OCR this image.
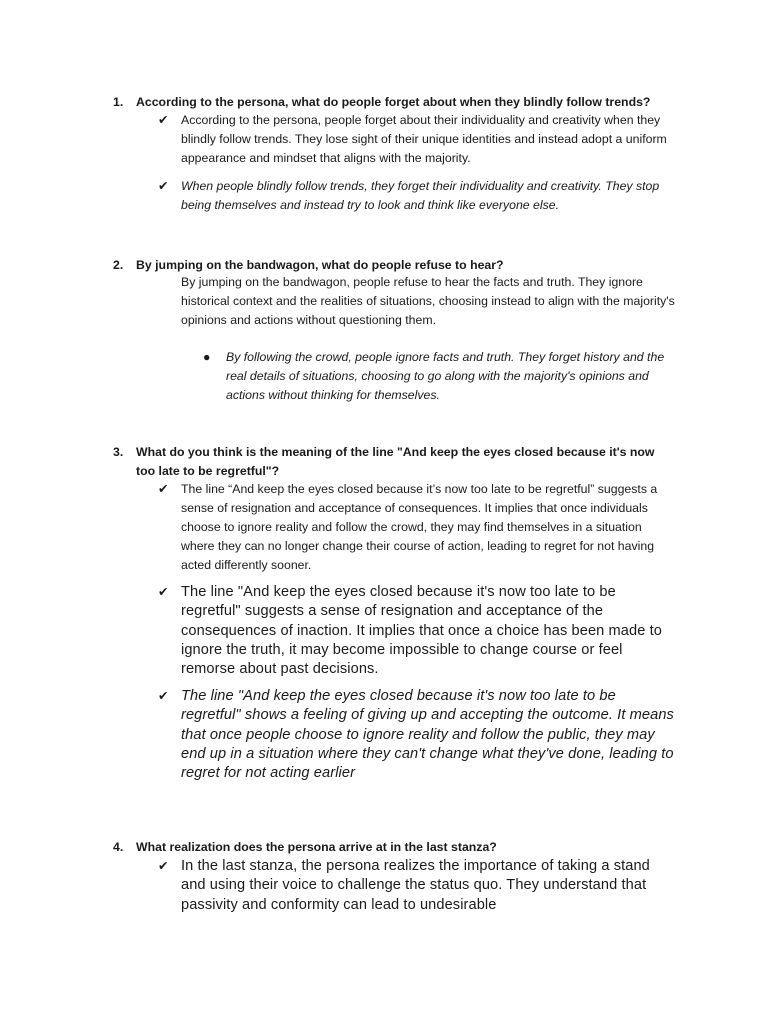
1. According to the persona, what do people forget about when they blindly follow trends?
✔ According to the persona, people forget about their individuality and creativity when they blindly follow trends. They lose sight of their unique identities and instead adopt a uniform appearance and mindset that aligns with the majority.
✔ When people blindly follow trends, they forget their individuality and creativity. They stop being themselves and instead try to look and think like everyone else.
2. By jumping on the bandwagon, what do people refuse to hear?
By jumping on the bandwagon, people refuse to hear the facts and truth. They ignore historical context and the realities of situations, choosing instead to align with the majority's opinions and actions without questioning them.
● By following the crowd, people ignore facts and truth. They forget history and the real details of situations, choosing to go along with the majority's opinions and actions without thinking for themselves.
3. What do you think is the meaning of the line "And keep the eyes closed because it's now too late to be regretful"?
✔ The line “And keep the eyes closed because it’s now too late to be regretful” suggests a sense of resignation and acceptance of consequences. It implies that once individuals choose to ignore reality and follow the crowd, they may find themselves in a situation where they can no longer change their course of action, leading to regret for not having acted differently sooner.
✔ The line "And keep the eyes closed because it's now too late to be regretful" suggests a sense of resignation and acceptance of the consequences of inaction. It implies that once a choice has been made to ignore the truth, it may become impossible to change course or feel remorse about past decisions.
✔ The line "And keep the eyes closed because it's now too late to be regretful" shows a feeling of giving up and accepting the outcome. It means that once people choose to ignore reality and follow the public, they may end up in a situation where they can't change what they've done, leading to regret for not acting earlier
4. What realization does the persona arrive at in the last stanza?
✔ In the last stanza, the persona realizes the importance of taking a stand and using their voice to challenge the status quo. They understand that passivity and conformity can lead to undesirable
